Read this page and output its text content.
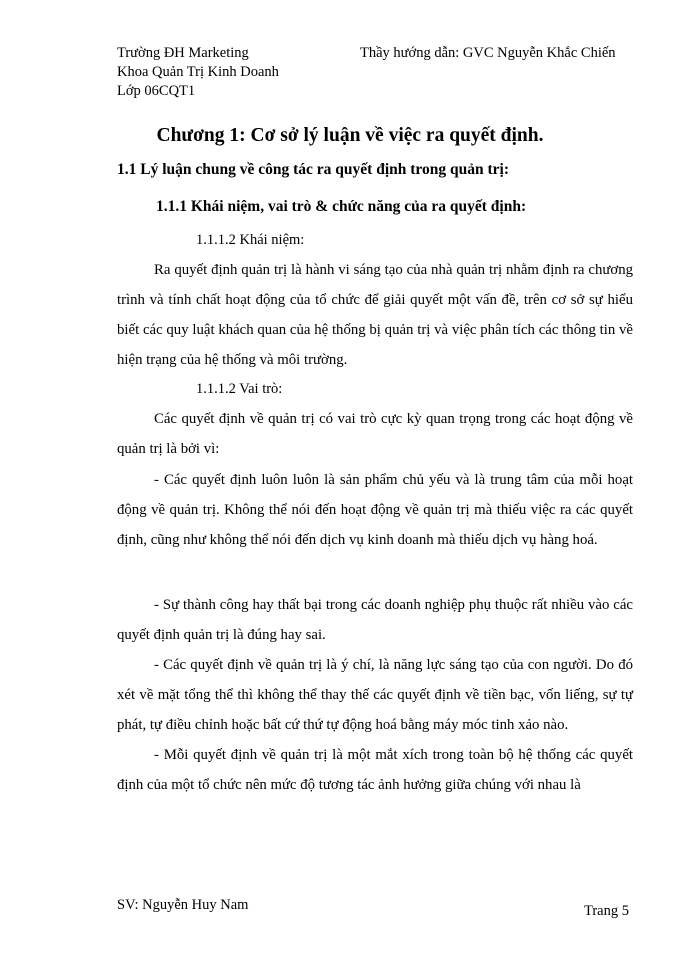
Trường ĐH Marketing
Khoa Quản Trị Kinh Doanh
Lớp 06CQT1
Thầy hướng dẫn: GVC Nguyễn Khắc Chiến
Chương 1: Cơ sở lý luận về việc ra quyết định.
1.1 Lý luận chung về công tác ra quyết định trong quản trị:
1.1.1 Khái niệm, vai trò & chức năng của ra quyết định:
1.1.1.2 Khái niệm:

Ra quyết định quản trị là hành vi sáng tạo của nhà quản trị nhằm định ra chương trình và tính chất hoạt động của tổ chức để giải quyết một vấn đề, trên cơ sở sự hiểu biết các quy luật khách quan của hệ thống bị quản trị và việc phân tích các thông tin về hiện trạng của hệ thống và môi trường.

1.1.1.2 Vai trò:

Các quyết định về quản trị có vai trò cực kỳ quan trọng trong các hoạt động về quản trị là bởi vì:

- Các quyết định luôn luôn là sản phẩm chủ yếu và là trung tâm của mỗi hoạt động về quản trị. Không thể nói đến hoạt động về quản trị mà thiếu việc ra các quyết định, cũng như không thể nói đến dịch vụ kinh doanh mà thiếu dịch vụ hàng hoá.

- Sự thành công hay thất bại trong các doanh nghiệp phụ thuộc rất nhiều vào các quyết định quản trị là đúng hay sai.

- Các quyết định về quản trị là ý chí, là năng lực sáng tạo của con người. Do đó xét về mặt tổng thể thì không thể thay thế các quyết định về tiền bạc, vốn liếng, sự tự phát, tự điều chỉnh hoặc bất cứ thứ tự động hoá bằng máy móc tinh xảo nào.

- Mỗi quyết định về quản trị là một mắt xích trong toàn bộ hệ thống các quyết định của một tổ chức nên mức độ tương tác ảnh hưởng giữa chúng với nhau là

SV: Nguyễn Huy Nam	Trang 5
